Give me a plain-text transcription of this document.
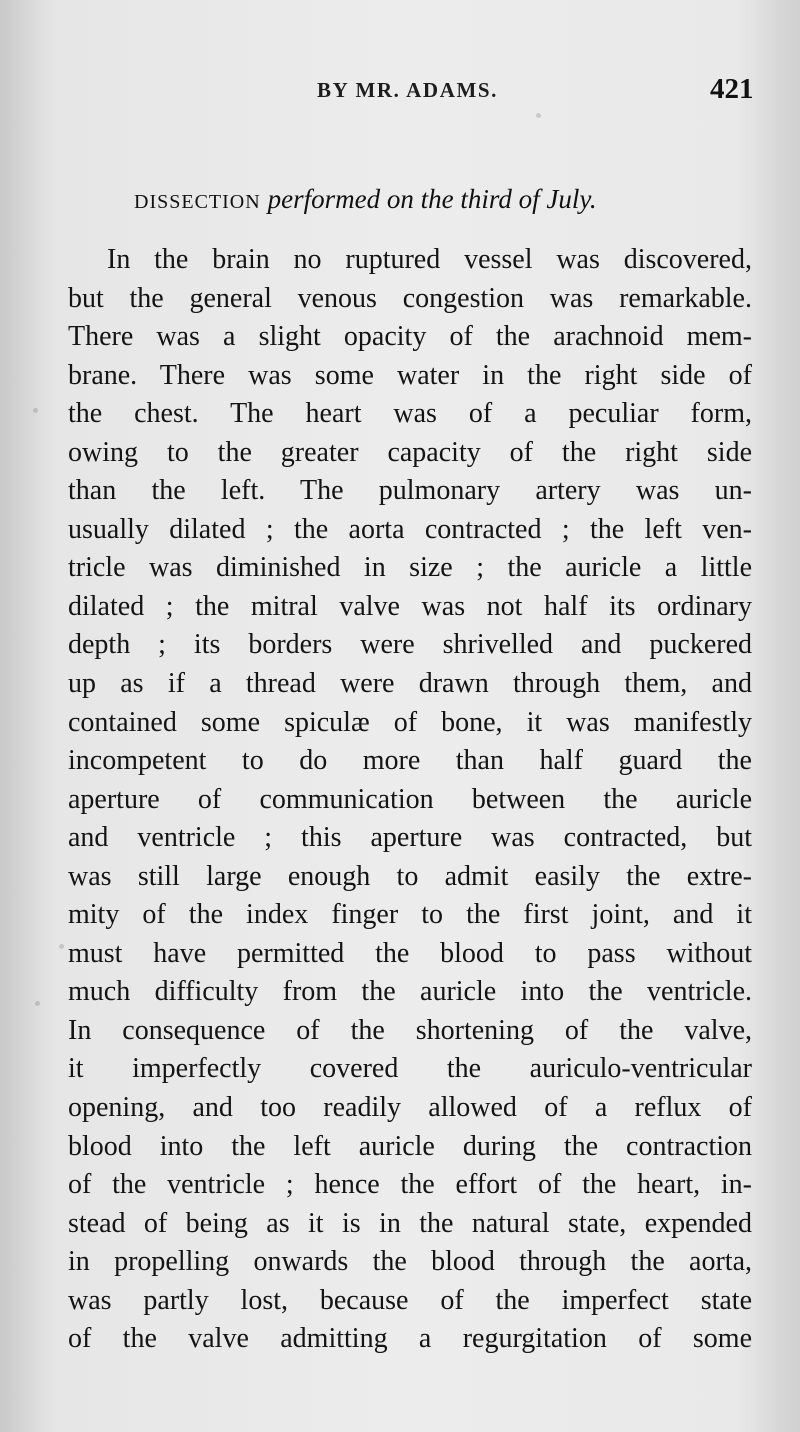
BY MR. ADAMS.	421
DISSECTION performed on the third of July.
In the brain no ruptured vessel was discovered,
but the general venous congestion was remarkable.
There was a slight opacity of the arachnoid mem-
brane. There was some water in the right side of
the chest. The heart was of a peculiar form,
owing to the greater capacity of the right side
than the left. The pulmonary artery was un-
usually dilated ; the aorta contracted ; the left ven-
tricle was diminished in size ; the auricle a little
dilated ; the mitral valve was not half its ordinary
depth ; its borders were shrivelled and puckered
up as if a thread were drawn through them, and
contained some spiculæ of bone, it was manifestly
incompetent to do more than half guard the
aperture of communication between the auricle
and ventricle ; this aperture was contracted, but
was still large enough to admit easily the extre-
mity of the index finger to the first joint, and it
must have permitted the blood to pass without
much difficulty from the auricle into the ventricle.
In consequence of the shortening of the valve,
it imperfectly covered the auriculo-ventricular
opening, and too readily allowed of a reflux of
blood into the left auricle during the contraction
of the ventricle ; hence the effort of the heart, in-
stead of being as it is in the natural state, expended
in propelling onwards the blood through the aorta,
was partly lost, because of the imperfect state
of the valve admitting a regurgitation of some
